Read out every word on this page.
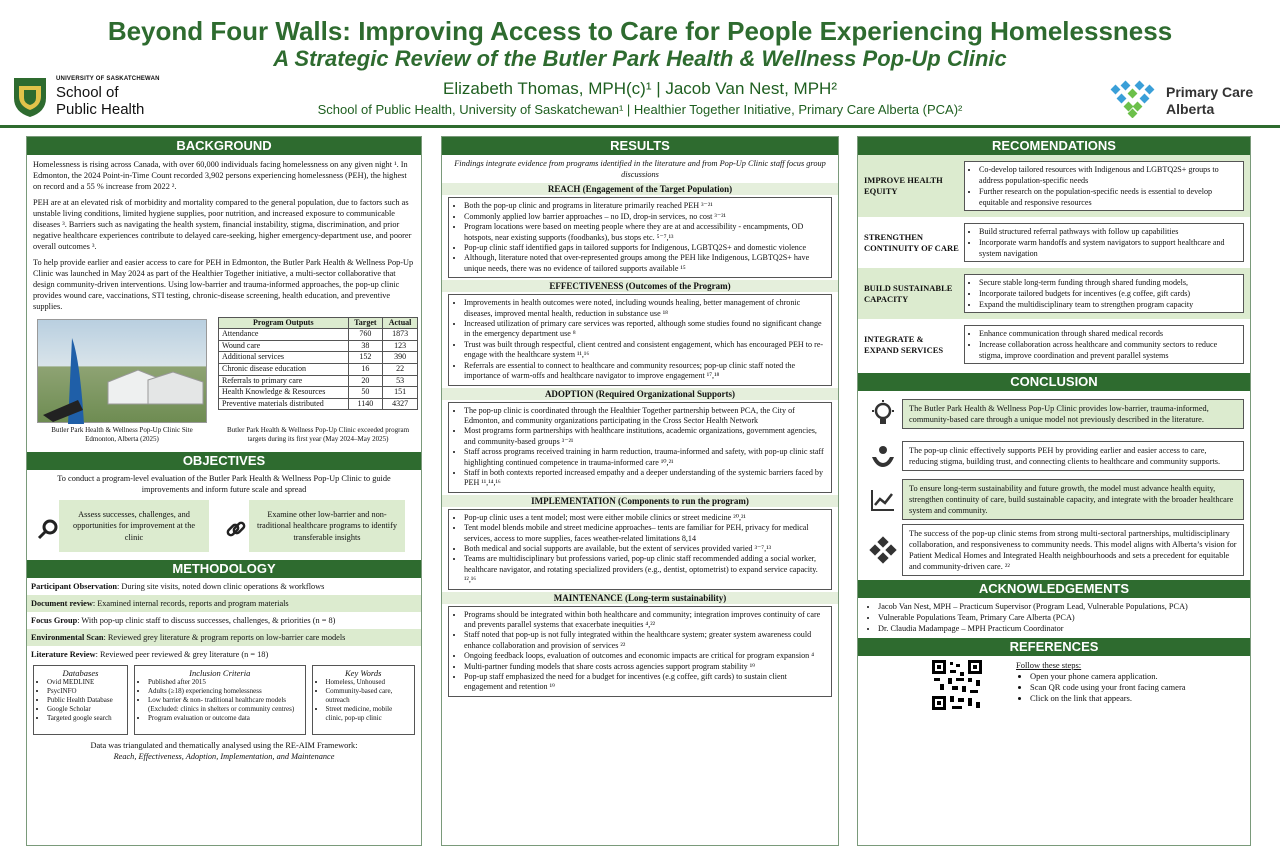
UNIVERSITY OF SASKATCHEWAN
School of
Public Health
Beyond Four Walls: Improving Access to Care for People Experiencing Homelessness
A Strategic Review of the Butler Park Health & Wellness Pop-Up Clinic
Elizabeth Thomas, MPH(c)¹ | Jacob Van Nest, MPH²
School of Public Health, University of Saskatchewan¹ | Healthier Together Initiative, Primary Care Alberta (PCA)²
Primary Care
Alberta
BACKGROUND

Homelessness is rising across Canada, with over 60,000 individuals facing homelessness on any given night ¹. In Edmonton, the 2024 Point-in-Time Count recorded 3,902 persons experiencing homelessness (PEH), the highest on record and a 55 % increase from 2022 ².

PEH are at an elevated risk of morbidity and mortality compared to the general population, due to factors such as unstable living conditions, limited hygiene supplies, poor nutrition, and increased exposure to communicable diseases ³. Barriers such as navigating the health system, financial instability, stigma, discrimination, and prior negative healthcare experiences contribute to delayed care-seeking, higher emergency-department use, and poorer overall outcomes ³.

To help provide earlier and easier access to care for PEH in Edmonton, the Butler Park Health & Wellness Pop-Up Clinic was launched in May 2024 as part of the Healthier Together initiative, a multi-sector collaborative that design community-driven interventions. Using low-barrier and trauma-informed approaches, the pop-up clinic provides wound care, vaccinations, STI testing, chronic-disease screening, health education, and preventive supplies.

Butler Park Health & Wellness Pop-Up Clinic Site Edmonton, Alberta (2025)
Program Outputs	Target	Actual
Attendance	760	1873
Wound care	38	123
Additional services	152	390
Chronic disease education	16	22
Referrals to primary care	20	53
Health Knowledge & Resources	50	151
Preventive materials distributed	1140	4327
Butler Park Health & Wellness Pop-Up Clinic exceeded program targets during its first year (May 2024–May 2025)
OBJECTIVES
To conduct a program-level evaluation of the Butler Park Health & Wellness Pop-Up Clinic to guide improvements and inform future scale and spread
Assess successes, challenges, and opportunities for improvement at the clinic
Examine other low-barrier and non-traditional healthcare programs to identify transferable insights
METHODOLOGY
Participant Observation: During site visits, noted down clinic operations & workflows
Document review: Examined internal records, reports and program materials
Focus Group: With pop-up clinic staff to discuss successes, challenges, & priorities (n = 8)
Environmental Scan: Reviewed grey literature & program reports on low-barrier care models
Literature Review: Reviewed peer reviewed & grey literature (n = 18)
Databases
• Ovid MEDLINE
• PsycINFO
• Public Health Database
• Google Scholar
• Targeted google search
Inclusion Criteria
• Published after 2015
• Adults (≥18) experiencing homelessness
• Low barrier & non- traditional healthcare models (Excluded: clinics in shelters or community centres)
• Program evaluation or outcome data
Key Words
• Homeless, Unhoused
• Community-based care, outreach
• Street medicine, mobile clinic, pop-up clinic
Data was triangulated and thematically analysed using the RE-AIM Framework:
Reach, Effectiveness, Adoption, Implementation, and Maintenance
RESULTS
Findings integrate evidence from programs identified in the literature and from Pop-Up Clinic staff focus group discussions
REACH (Engagement of the Target Population)
• Both the pop-up clinic and programs in literature primarily reached PEH ³⁻²¹
• Commonly applied low barrier approaches – no ID, drop-in services, no cost ³⁻²¹
• Program locations were based on meeting people where they are at and accessibility - encampments, OD hotspots, near existing supports (foodbanks), bus stops etc. ⁵⁻⁷,¹³
• Pop-up clinic staff identified gaps in tailored supports for Indigenous, LGBTQ2S+ and domestic violence
• Although, literature noted that over-represented groups among the PEH like Indigenous, LGBTQ2S+ have unique needs, there was no evidence of tailored supports available ¹⁵
EFFECTIVENESS (Outcomes of the Program)
• Improvements in health outcomes were noted, including wounds healing, better management of chronic diseases, improved mental health, reduction in substance use ¹⁸
• Increased utilization of primary care services was reported, although some studies found no significant change in the emergency department use ⁸
• Trust was built through respectful, client centred and consistent engagement, which has encouraged PEH to re-engage with the healthcare system ¹¹,¹⁶
• Referrals are essential to connect to healthcare and community resources; pop-up clinic staff noted the importance of warm-offs and healthcare navigator to improve engagement ¹⁷,¹⁸
ADOPTION (Required Organizational Supports)
• The pop-up clinic is coordinated through the Healthier Together partnership between PCA, the City of Edmonton, and community organizations participating in the Cross Sector Health Network
• Most programs form partnerships with healthcare institutions, academic organizations, government agencies, and community-based groups ³⁻²¹
• Staff across programs received training in harm reduction, trauma-informed and safety, with pop-up clinic staff highlighting continued competence in trauma-informed care ¹⁰,²¹
• Staff in both contexts reported increased empathy and a deeper understanding of the systemic barriers faced by PEH ¹¹,¹⁴,¹⁶
IMPLEMENTATION (Components to run the program)
• Pop-up clinic uses a tent model; most were either mobile clinics or street medicine ²⁰,²¹
• Tent model blends mobile and street medicine approaches– tents are familiar for PEH, privacy for medical services, access to more supplies, faces weather-related limitations 8,14
• Both medical and social supports are available, but the extent of services provided varied ³⁻⁷,¹³
• Teams are multidisciplinary but professions varied, pop-up clinic staff recommended adding a social worker, healthcare navigator, and rotating specialized providers (e.g., dentist, optometrist) to expand service capacity. ¹²,¹⁶
MAINTENANCE (Long-term sustainability)
• Programs should be integrated within both healthcare and community; integration improves continuity of care and prevents parallel systems that exacerbate inequities ⁴,²²
• Staff noted that pop-up is not fully integrated within the healthcare system; greater system awareness could enhance collaboration and provision of services ²²
• Ongoing feedback loops, evaluation of outcomes and economic impacts are critical for program expansion ⁴
• Multi-partner funding models that share costs across agencies support program stability ¹⁹
• Pop-up staff emphasized the need for a budget for incentives (e.g coffee, gift cards) to sustain client engagement and retention ¹⁹
RECOMENDATIONS
IMPROVE HEALTH EQUITY
• Co-develop tailored resources with Indigenous and LGBTQ2S+ groups to address population-specific needs
• Further research on the population-specific needs is essential to develop equitable and responsive resources
STRENGTHEN CONTINUITY OF CARE
• Build structured referral pathways with follow up capabilities
• Incorporate warm handoffs and system navigators to support healthcare and system navigation
BUILD SUSTAINABLE CAPACITY
• Secure stable long-term funding through shared funding models,
• Incorporate tailored budgets for incentives (e.g coffee, gift cards)
• Expand the multidisciplinary team to strengthen program capacity
INTEGRATE & EXPAND SERVICES
• Enhance communication through shared medical records
• Increase collaboration across healthcare and community sectors to reduce stigma, improve coordination and prevent parallel systems
CONCLUSION
The Butler Park Health & Wellness Pop-Up Clinic provides low-barrier, trauma-informed, community-based care through a unique model not previously described in the literature.
The pop-up clinic effectively supports PEH by providing earlier and easier access to care, reducing stigma, building trust, and connecting clients to healthcare and community supports.
To ensure long-term sustainability and future growth, the model must advance health equity, strengthen continuity of care, build sustainable capacity, and integrate with the broader healthcare system and community.
The success of the pop-up clinic stems from strong multi-sectoral partnerships, multidisciplinary collaboration, and responsiveness to community needs. This model aligns with Alberta’s vision for Patient Medical Homes and Integrated Health neighbourhoods and sets a precedent for equitable and community-driven care. ²²
ACKNOWLEDGEMENTS
• Jacob Van Nest, MPH – Practicum Supervisor (Program Lead, Vulnerable Populations, PCA)
• Vulnerable Populations Team, Primary Care Alberta (PCA)
• Dr. Claudia Madampage – MPH Practicum Coordinator
REFERENCES
Follow these steps:
• Open your phone camera application.
• Scan QR code using your front facing camera
• Click on the link that appears.
